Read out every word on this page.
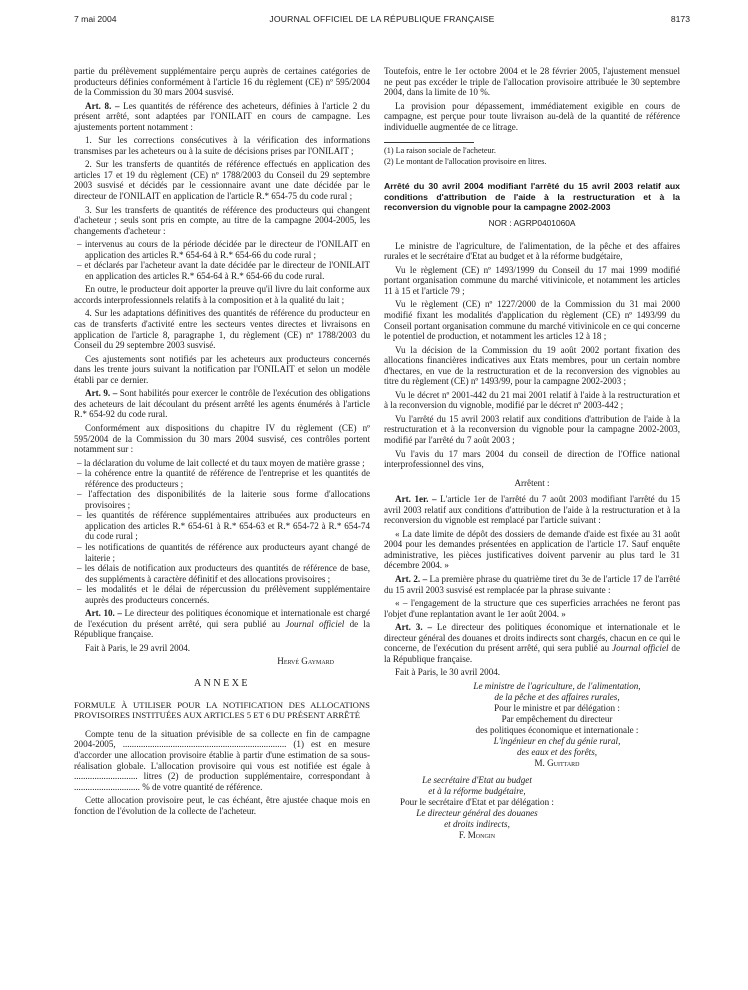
7 mai 2004	JOURNAL OFFICIEL DE LA RÉPUBLIQUE FRANÇAISE	8173

partie du prélèvement supplémentaire perçu auprès de certaines catégories de producteurs définies conformément à l'article 16 du règlement (CE) nº 595/2004 de la Commission du 30 mars 2004 susvisé.

Art. 8. – Les quantités de référence des acheteurs, définies à l'article 2 du présent arrêté, sont adaptées par l'ONILAIT en cours de campagne. Les ajustements portent notamment :

1. Sur les corrections consécutives à la vérification des informations transmises par les acheteurs ou à la suite de décisions prises par l'ONILAIT ;

2. Sur les transferts de quantités de référence effectués en application des articles 17 et 19 du règlement (CE) nº 1788/2003 du Conseil du 29 septembre 2003 susvisé et décidés par le cessionnaire avant une date décidée par le directeur de l'ONILAIT en application de l'article R.* 654-75 du code rural ;

3. Sur les transferts de quantités de référence des producteurs qui changent d'acheteur ; seuls sont pris en compte, au titre de la campagne 2004-2005, les changements d'acheteur :

– intervenus au cours de la période décidée par le directeur de l'ONILAIT en application des articles R.* 654-64 à R.* 654-66 du code rural ;
– et déclarés par l'acheteur avant la date décidée par le directeur de l'ONILAIT en application des articles R.* 654-64 à R.* 654-66 du code rural.

En outre, le producteur doit apporter la preuve qu'il livre du lait conforme aux accords interprofessionnels relatifs à la composition et à la qualité du lait ;

4. Sur les adaptations définitives des quantités de référence du producteur en cas de transferts d'activité entre les secteurs ventes directes et livraisons en application de l'article 8, paragraphe 1, du règlement (CE) nº 1788/2003 du Conseil du 29 septembre 2003 susvisé.

Ces ajustements sont notifiés par les acheteurs aux producteurs concernés dans les trente jours suivant la notification par l'ONILAIT et selon un modèle établi par ce dernier.

Art. 9. – Sont habilités pour exercer le contrôle de l'exécution des obligations des acheteurs de lait découlant du présent arrêté les agents énumérés à l'article R.* 654-92 du code rural.

Conformément aux dispositions du chapitre IV du règlement (CE) nº 595/2004 de la Commission du 30 mars 2004 susvisé, ces contrôles portent notamment sur :

– la déclaration du volume de lait collecté et du taux moyen de matière grasse ;
– la cohérence entre la quantité de référence de l'entreprise et les quantités de référence des producteurs ;
– l'affectation des disponibilités de la laiterie sous forme d'allocations provisoires ;
– les quantités de référence supplémentaires attribuées aux producteurs en application des articles R.* 654-61 à R.* 654-63 et R.* 654-72 à R.* 654-74 du code rural ;
– les notifications de quantités de référence aux producteurs ayant changé de laiterie ;
– les délais de notification aux producteurs des quantités de référence de base, des suppléments à caractère définitif et des allocations provisoires ;
– les modalités et le délai de répercussion du prélèvement supplémentaire auprès des producteurs concernés.

Art. 10. – Le directeur des politiques économique et internationale est chargé de l'exécution du présent arrêté, qui sera publié au Journal officiel de la République française.

Fait à Paris, le 29 avril 2004.

Hervé Gaymard
ANNEXE
FORMULE À UTILISER POUR LA NOTIFICATION DES ALLOCATIONS PROVISOIRES INSTITUÉES AUX ARTICLES 5 ET 6 DU PRÉSENT ARRÊTÉ

Compte tenu de la situation prévisible de sa collecte en fin de campagne 2004-2005, ........................................................................ (1) est en mesure d'accorder une allocation provisoire établie à partir d'une estimation de sa sous-réalisation globale. L'allocation provisoire qui vous est notifiée est égale à ............................ litres (2) de production supplémentaire, correspondant à ............................. % de votre quantité de référence.

Cette allocation provisoire peut, le cas échéant, être ajustée chaque mois en fonction de l'évolution de la collecte de l'acheteur.

Toutefois, entre le 1er octobre 2004 et le 28 février 2005, l'ajustement mensuel ne peut pas excéder le triple de l'allocation provisoire attribuée le 30 septembre 2004, dans la limite de 10 %.

La provision pour dépassement, immédiatement exigible en cours de campagne, est perçue pour toute livraison au-delà de la quantité de référence individuelle augmentée de ce litrage.

(1) La raison sociale de l'acheteur.

(2) Le montant de l'allocation provisoire en litres.

Arrêté du 30 avril 2004 modifiant l'arrêté du 15 avril 2003 relatif aux conditions d'attribution de l'aide à la restructuration et à la reconversion du vignoble pour la campagne 2002-2003
NOR : AGRP0401060A

Le ministre de l'agriculture, de l'alimentation, de la pêche et des affaires rurales et le secrétaire d'Etat au budget et à la réforme budgétaire,

Vu le règlement (CE) nº 1493/1999 du Conseil du 17 mai 1999 modifié portant organisation commune du marché vitivinicole, et notamment les articles 11 à 15 et l'article 79 ;

Vu le règlement (CE) nº 1227/2000 de la Commission du 31 mai 2000 modifié fixant les modalités d'application du règlement (CE) nº 1493/99 du Conseil portant organisation commune du marché vitivinicole en ce qui concerne le potentiel de production, et notamment les articles 12 à 18 ;

Vu la décision de la Commission du 19 août 2002 portant fixation des allocations financières indicatives aux Etats membres, pour un certain nombre d'hectares, en vue de la restructuration et de la reconversion des vignobles au titre du règlement (CE) nº 1493/99, pour la campagne 2002-2003 ;

Vu le décret nº 2001-442 du 21 mai 2001 relatif à l'aide à la restructuration et à la reconversion du vignoble, modifié par le décret nº 2003-442 ;

Vu l'arrêté du 15 avril 2003 relatif aux conditions d'attribution de l'aide à la restructuration et à la reconversion du vignoble pour la campagne 2002-2003, modifié par l'arrêté du 7 août 2003 ;

Vu l'avis du 17 mars 2004 du conseil de direction de l'Office national interprofessionnel des vins,

Arrêtent :

Art. 1er. – L'article 1er de l'arrêté du 7 août 2003 modifiant l'arrêté du 15 avril 2003 relatif aux conditions d'attribution de l'aide à la restructuration et à la reconversion du vignoble est remplacé par l'article suivant :

« La date limite de dépôt des dossiers de demande d'aide est fixée au 31 août 2004 pour les demandes présentées en application de l'article 17. Sauf enquête administrative, les pièces justificatives doivent parvenir au plus tard le 31 décembre 2004. »

Art. 2. – La première phrase du quatrième tiret du 3e de l'article 17 de l'arrêté du 15 avril 2003 susvisé est remplacée par la phrase suivante :

« – l'engagement de la structure que ces superficies arrachées ne feront pas l'objet d'une replantation avant le 1er août 2004. »

Art. 3. – Le directeur des politiques économique et internationale et le directeur général des douanes et droits indirects sont chargés, chacun en ce qui le concerne, de l'exécution du présent arrêté, qui sera publié au Journal officiel de la République française.

Fait à Paris, le 30 avril 2004.

Le ministre de l'agriculture, de l'alimentation,
de la pêche et des affaires rurales,
Pour le ministre et par délégation :
Par empêchement du directeur
des politiques économique et internationale :
L'ingénieur en chef du génie rural,
des eaux et des forêts,
M. Guittard
Le secrétaire d'Etat au budget
et à la réforme budgétaire,
Pour le secrétaire d'Etat et par délégation :
Le directeur général des douanes
et droits indirects,
F. Mongin
